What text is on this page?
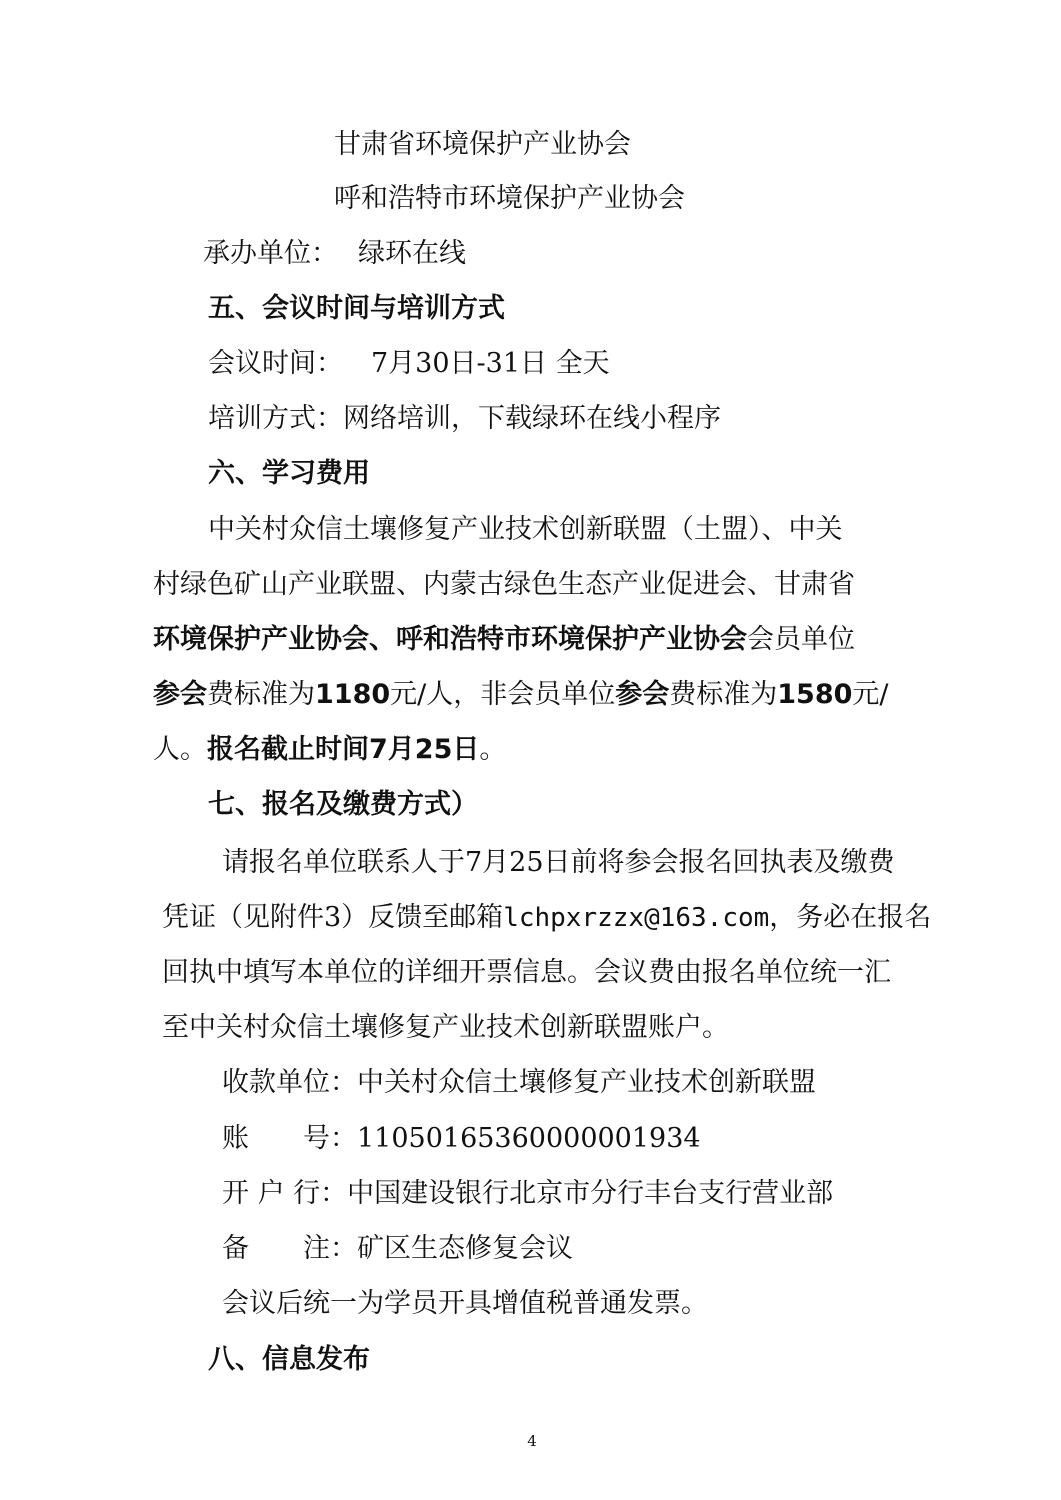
甘肃省环境保护产业协会

呼和浩特市环境保护产业协会

承办单位： 绿环在线

五、会议时间与培训方式

会议时间： 7月30日-31日 全天

培训方式：网络培训，下载绿环在线小程序

六、学习费用

中关村众信土壤修复产业技术创新联盟（土盟）、中关

村绿色矿山产业联盟、内蒙古绿色生态产业促进会、甘肃省

环境保护产业协会、呼和浩特市环境保护产业协会会员单位

参会费标准为1180元/人，非会员单位参会费标准为1580元/

人。报名截止时间7月25日。

七、报名及缴费方式）

请报名单位联系人于7月25日前将参会报名回执表及缴费

凭证（见附件3）反馈至邮箱lchpxrzzx@163.com，务必在报名

回执中填写本单位的详细开票信息。会议费由报名单位统一汇

至中关村众信土壤修复产业技术创新联盟账户。

收款单位：中关村众信土壤修复产业技术创新联盟

账　　号：11050165360000001934

开 户 行：中国建设银行北京市分行丰台支行营业部

备　　注：矿区生态修复会议

会议后统一为学员开具增值税普通发票。

八、信息发布

4
